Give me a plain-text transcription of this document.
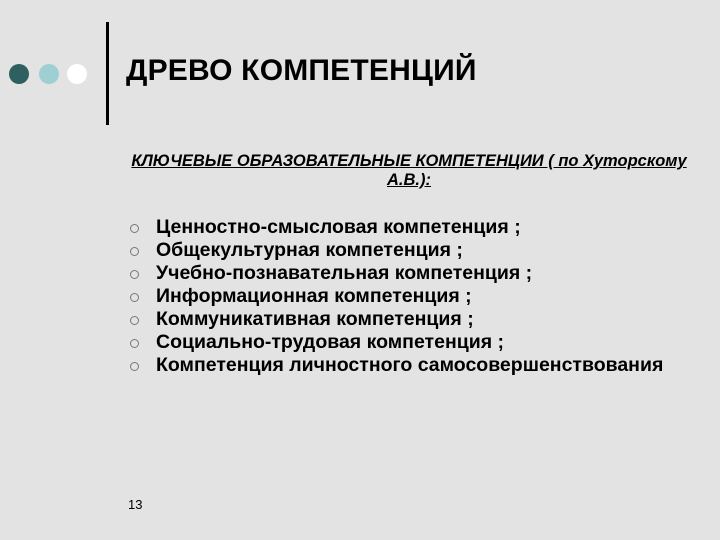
ДРЕВО КОМПЕТЕНЦИЙ
КЛЮЧЕВЫЕ ОБРАЗОВАТЕЛЬНЫЕ КОМПЕТЕНЦИИ ( по Хуторскому А.В.):
Ценностно-смысловая компетенция ;
Общекультурная компетенция ;
Учебно-познавательная компетенция ;
Информационная компетенция ;
Коммуникативная компетенция ;
Социально-трудовая компетенция ;
Компетенция личностного самосовершенствования
13
